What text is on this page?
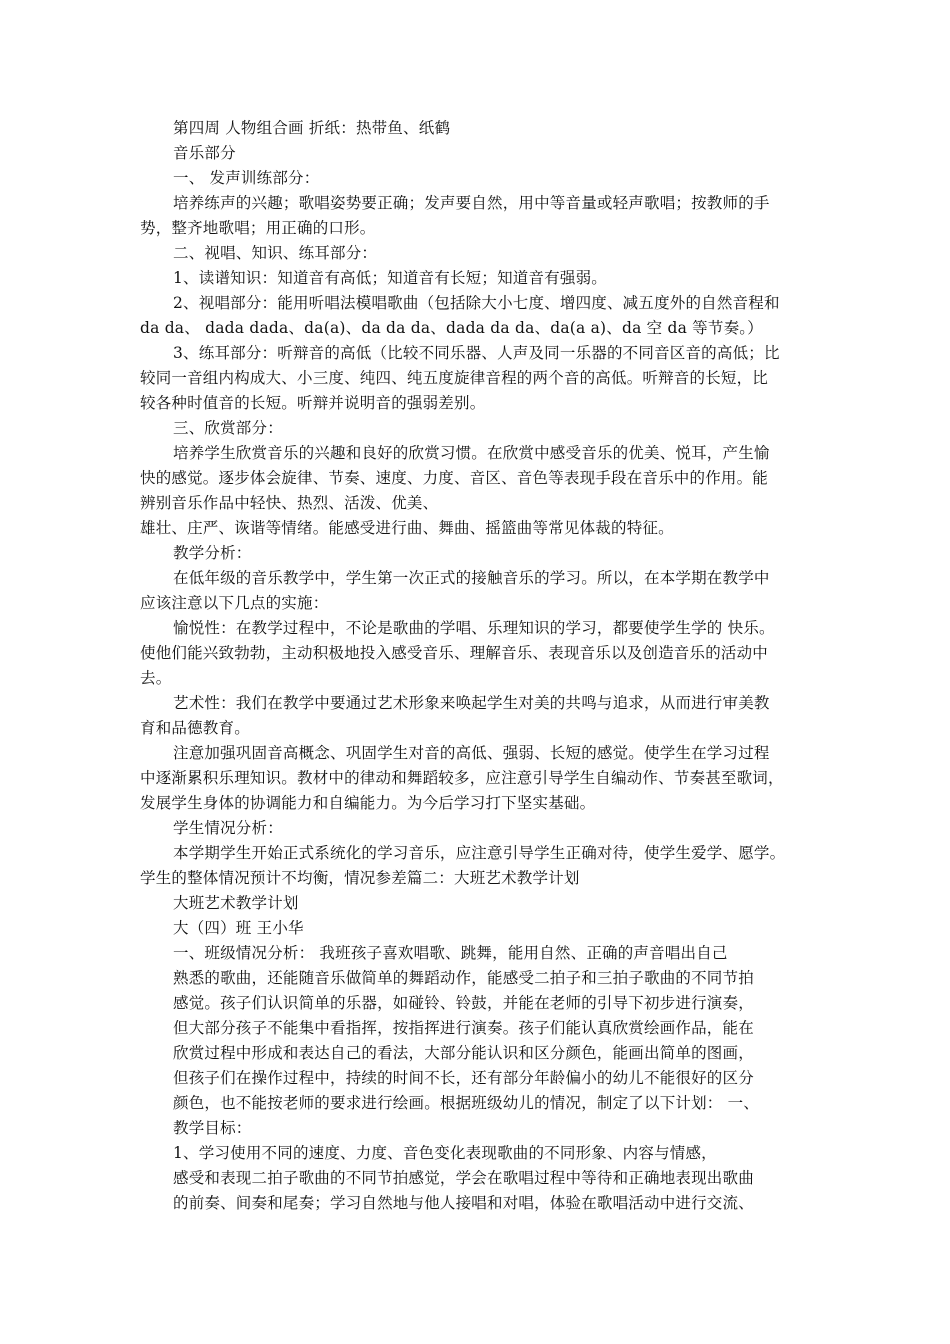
第四周 人物组合画 折纸：热带鱼、纸鹤
音乐部分
一、 发声训练部分：
培养练声的兴趣；歌唱姿势要正确；发声要自然，用中等音量或轻声歌唱；按教师的手
势，整齐地歌唱；用正确的口形。
二、视唱、知识、练耳部分：
1、读谱知识：知道音有高低；知道音有长短；知道音有强弱。
2、视唱部分：能用听唱法模唱歌曲（包括除大小七度、增四度、减五度外的自然音程和
da da、 dada dada、da(a)、da da da、dada da da、da(a a)、da 空 da 等节奏。）
3、练耳部分：听辩音的高低（比较不同乐器、人声及同一乐器的不同音区音的高低；比
较同一音组内构成大、小三度、纯四、纯五度旋律音程的两个音的高低。听辩音的长短，比
较各种时值音的长短。听辩并说明音的强弱差别。
三、欣赏部分：
培养学生欣赏音乐的兴趣和良好的欣赏习惯。在欣赏中感受音乐的优美、悦耳，产生愉
快的感觉。逐步体会旋律、节奏、速度、力度、音区、音色等表现手段在音乐中的作用。能
辨别音乐作品中轻快、热烈、活泼、优美、
雄壮、庄严、诙谐等情绪。能感受进行曲、舞曲、摇篮曲等常见体裁的特征。
教学分析：
在低年级的音乐教学中，学生第一次正式的接触音乐的学习。所以，在本学期在教学中
应该注意以下几点的实施：
愉悦性：在教学过程中，不论是歌曲的学唱、乐理知识的学习，都要使学生学的 快乐。
使他们能兴致勃勃，主动积极地投入感受音乐、理解音乐、表现音乐以及创造音乐的活动中
去。
艺术性：我们在教学中要通过艺术形象来唤起学生对美的共鸣与追求，从而进行审美教
育和品德教育。
注意加强巩固音高概念、巩固学生对音的高低、强弱、长短的感觉。使学生在学习过程
中逐渐累积乐理知识。教材中的律动和舞蹈较多，应注意引导学生自编动作、节奏甚至歌词，
发展学生身体的协调能力和自编能力。为今后学习打下坚实基础。
学生情况分析：
本学期学生开始正式系统化的学习音乐，应注意引导学生正确对待，使学生爱学、愿学。
学生的整体情况预计不均衡，情况参差篇二：大班艺术教学计划
大班艺术教学计划
大（四）班 王小华
一、班级情况分析： 我班孩子喜欢唱歌、跳舞，能用自然、正确的声音唱出自己
熟悉的歌曲，还能随音乐做简单的舞蹈动作，能感受二拍子和三拍子歌曲的不同节拍
感觉。孩子们认识简单的乐器，如碰铃、铃鼓，并能在老师的引导下初步进行演奏，
但大部分孩子不能集中看指挥，按指挥进行演奏。孩子们能认真欣赏绘画作品，能在
欣赏过程中形成和表达自己的看法，大部分能认识和区分颜色，能画出简单的图画，
但孩子们在操作过程中，持续的时间不长，还有部分年龄偏小的幼儿不能很好的区分
颜色，也不能按老师的要求进行绘画。根据班级幼儿的情况，制定了以下计划： 一、
教学目标：
1、学习使用不同的速度、力度、音色变化表现歌曲的不同形象、内容与情感，
感受和表现二拍子歌曲的不同节拍感觉，学会在歌唱过程中等待和正确地表现出歌曲
的前奏、间奏和尾奏；学习自然地与他人接唱和对唱，体验在歌唱活动中进行交流、
